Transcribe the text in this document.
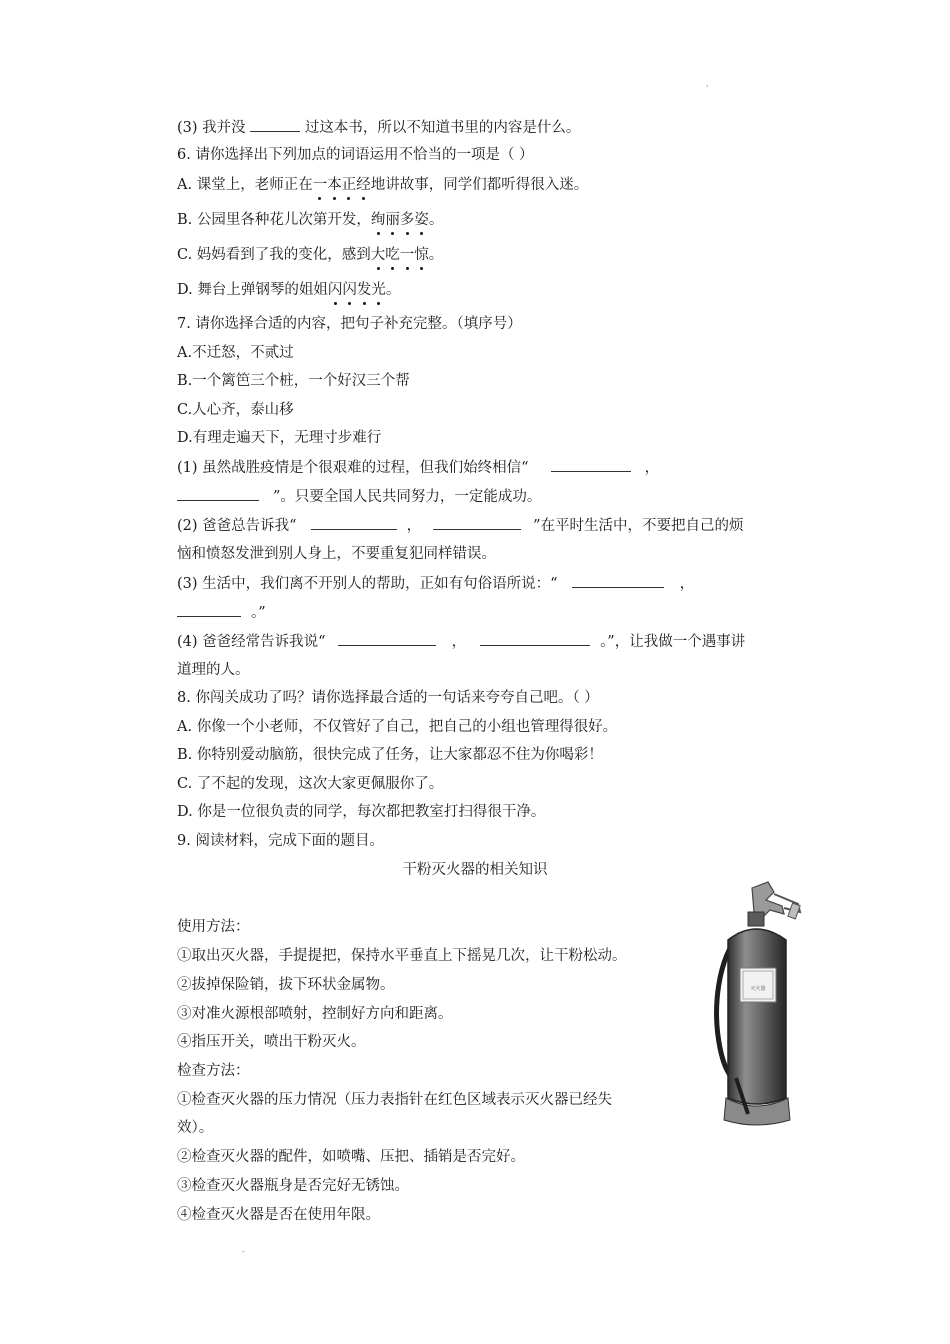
'
(3) 我并没	过这本书，所以不知道书里的内容是什么。
6. 请你选择出下列加点的词语运用不恰当的一项是（ ）
A. 课堂上，老师正在一本正经地讲故事，同学们都听得很入迷。
B. 公园里各种花儿次第开发，绚丽多姿。
C. 妈妈看到了我的变化，感到大吃一惊。
D. 舞台上弹钢琴的姐姐闪闪发光。
7. 请你选择合适的内容，把句子补充完整。（填序号）
A.不迁怒，不贰过
B.一个篱笆三个桩，一个好汉三个帮
C.人心齐，泰山移
D.有理走遍天下，无理寸步难行
(1) 虽然战胜疫情是个很艰难的过程，但我们始终相信“	，
”。只要全国人民共同努力，一定能成功。
(2) 爸爸总告诉我“	，	”在平时生活中，不要把自己的烦
恼和愤怒发泄到别人身上，不要重复犯同样错误。
(3) 生活中，我们离不开别人的帮助，正如有句俗语所说：“	，
。”
(4) 爸爸经常告诉我说“	，	。”，让我做一个遇事讲
道理的人。
8. 你闯关成功了吗？请你选择最合适的一句话来夸夸自己吧。（ ）
A. 你像一个小老师，不仅管好了自己，把自己的小组也管理得很好。
B. 你特别爱动脑筋，很快完成了任务，让大家都忍不住为你喝彩！
C. 了不起的发现，这次大家更佩服你了。
D. 你是一位很负责的同学，每次都把教室打扫得很干净。
9. 阅读材料，完成下面的题目。
干粉灭火器的相关知识
使用方法：
①取出灭火器，手提提把，保持水平垂直上下摇晃几次，让干粉松动。
②拔掉保险销，拔下环状金属物。
③对准火源根部喷射，控制好方向和距离。
④指压开关，喷出干粉灭火。
检查方法：
①检查灭火器的压力情况（压力表指针在红色区域表示灭火器已经失
效）。
②检查灭火器的配件，如喷嘴、压把、插销是否完好。
③检查灭火器瓶身是否完好无锈蚀。
④检查灭火器是否在使用年限。
灭火器
-
